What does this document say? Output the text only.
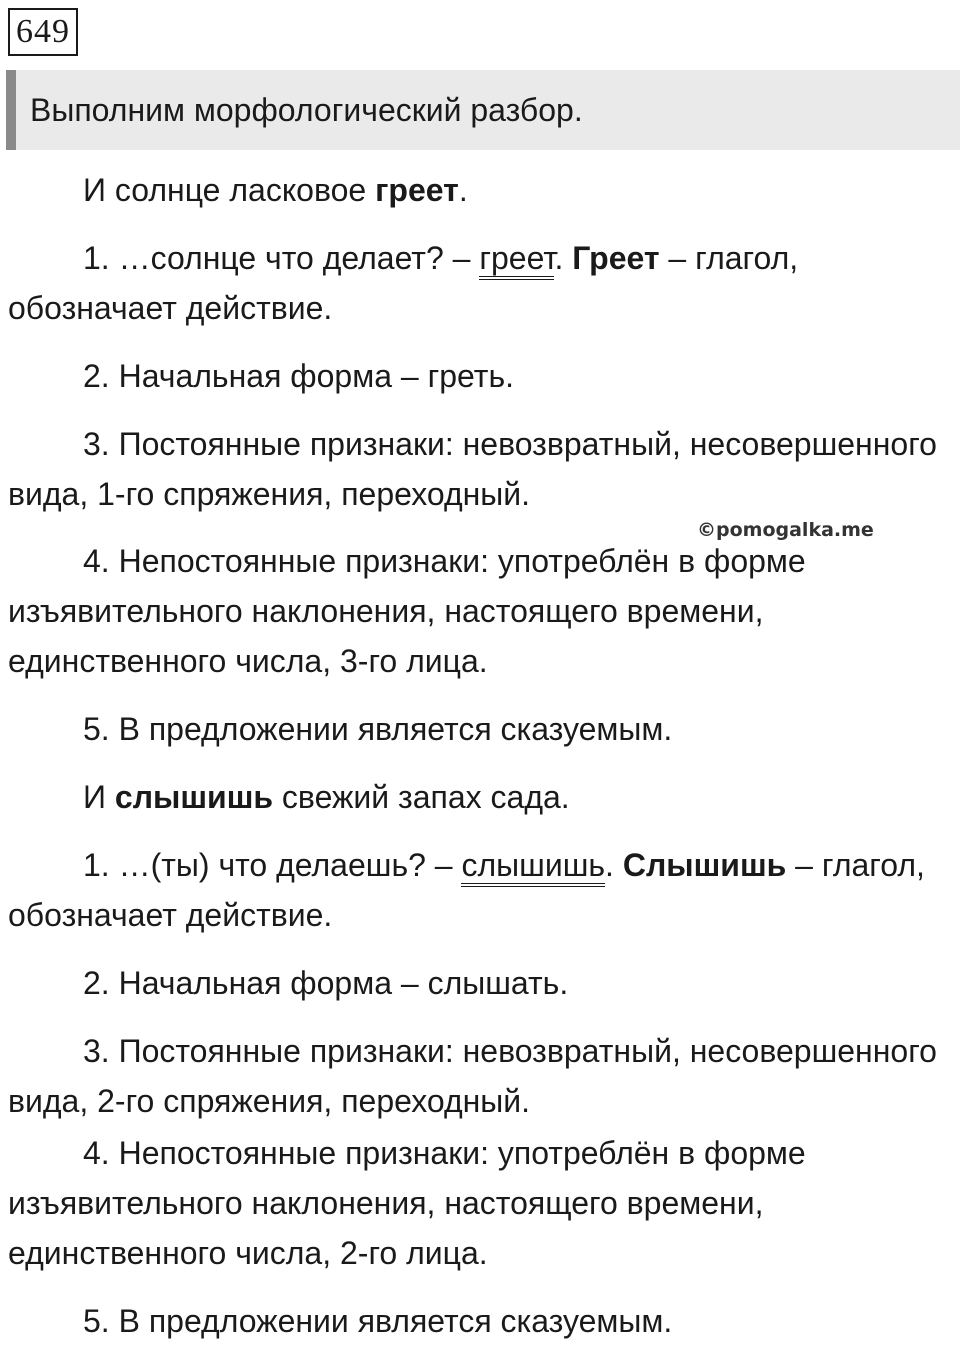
649
Выполним морфологический разбор.
©pomogalka.me

И солнце ласковое греет.

1. …солнце что делает? – греет. Греет – глагол, обозначает действие.

2. Начальная форма – греть.

3. Постоянные признаки: невозвратный, несовершенного вида, 1-го спряжения, переходный.

4. Непостоянные признаки: употреблён в форме изъявительного наклонения, настоящего времени, единственного числа, 3-го лица.

5. В предложении является сказуемым.

И слышишь свежий запах сада.

1. …(ты) что делаешь? – слышишь. Слышишь – глагол, обозначает действие.

2. Начальная форма – слышать.

3. Постоянные признаки: невозвратный, несовершенного вида, 2-го спряжения, переходный.

4. Непостоянные признаки: употреблён в форме изъявительного наклонения, настоящего времени, единственного числа, 2-го лица.

5. В предложении является сказуемым.
